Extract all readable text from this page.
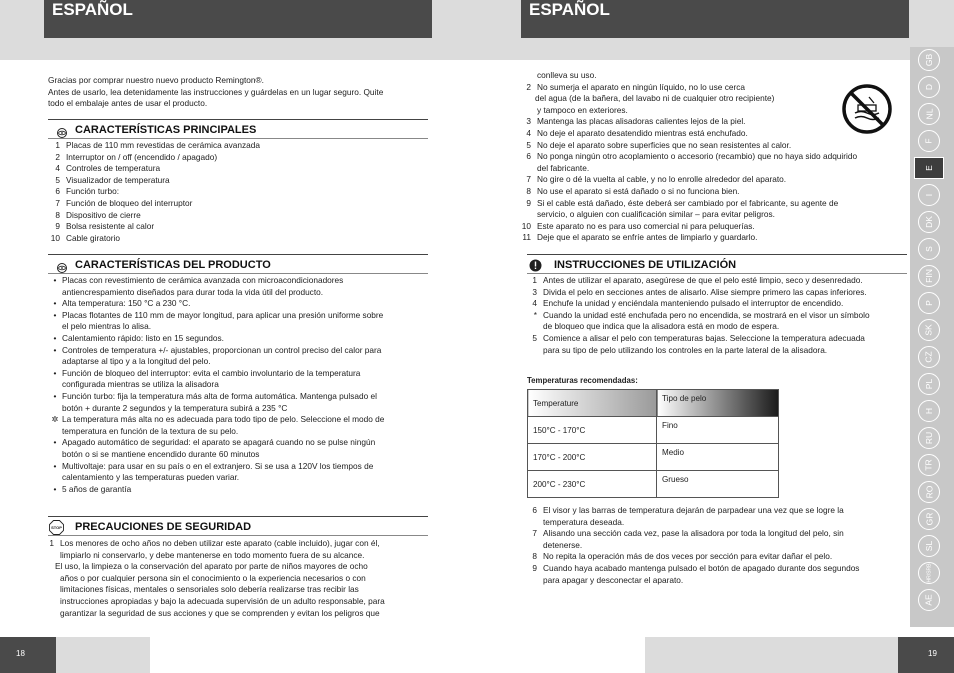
ESPAÑOL
Gracias por comprar nuestro nuevo producto Remington®.
Antes de usarlo, lea detenidamente las instrucciones y guárdelas en un lugar seguro. Quite
todo el embalaje antes de usar el producto.
CARACTERÍSTICAS PRINCIPALES
1 Placas de 110 mm revestidas de cerámica avanzada
2 Interruptor on / off (encendido / apagado)
4 Controles de temperatura
5 Visualizador de temperatura
6 Función turbo:
7 Función de bloqueo del interruptor
8 Dispositivo de cierre
9 Bolsa resistente al calor
10 Cable giratorio
CARACTERÍSTICAS DEL PRODUCTO
• Placas con revestimiento de cerámica avanzada con microacondicionadores
antiencrespamiento diseñados para durar toda la vida útil del producto.
• Alta temperatura: 150 °C a 230 °C.
• Placas flotantes de 110 mm de mayor longitud, para aplicar una presión uniforme sobre
el pelo mientras lo alisa.
• Calentamiento rápido: listo en 15 segundos.
• Controles de temperatura +/- ajustables, proporcionan un control preciso del calor para
adaptarse al tipo y a la longitud del pelo.
• Función de bloqueo del interruptor: evita el cambio involuntario de la temperatura
configurada mientras se utiliza la alisadora
• Función turbo: fija la temperatura más alta de forma automática. Mantenga pulsado el
botón + durante 2 segundos y la temperatura subirá a 235 °C
✲ La temperatura más alta no es adecuada para todo tipo de pelo. Seleccione el modo de
temperatura en función de la textura de su pelo.
• Apagado automático de seguridad: el aparato se apagará cuando no se pulse ningún
botón o si se mantiene encendido durante 60 minutos
• Multivoltaje: para usar en su país o en el extranjero. Si se usa a 120V los tiempos de
calentamiento y las temperaturas pueden variar.
• 5 años de garantía
STOP PRECAUCIONES DE SEGURIDAD
1 Los menores de ocho años no deben utilizar este aparato (cable incluido), jugar con él,
limpiarlo ni conservarlo, y debe mantenerse en todo momento fuera de su alcance.
El uso, la limpieza o la conservación del aparato por parte de niños mayores de ocho
años o por cualquier persona sin el conocimiento o la experiencia necesarios o con
limitaciones físicas, mentales o sensoriales solo debería realizarse tras recibir las
instrucciones apropiadas y bajo la adecuada supervisión de un adulto responsable, para
garantizar la seguridad de sus acciones y que se comprenden y evitan los peligros que
18
ESPAÑOL
conlleva su uso.
2 No sumerja el aparato en ningún líquido, no lo use cerca
del agua (de la bañera, del lavabo ni de cualquier otro recipiente)
y tampoco en exteriores.
3 Mantenga las placas alisadoras calientes lejos de la piel.
4 No deje el aparato desatendido mientras está enchufado.
5 No deje el aparato sobre superficies que no sean resistentes al calor.
6 No ponga ningún otro acoplamiento o accesorio (recambio) que no haya sido adquirido
del fabricante.
7 No gire o dé la vuelta al cable, y no lo enrolle alrededor del aparato.
8 No use el aparato si está dañado o si no funciona bien.
9 Si el cable está dañado, éste deberá ser cambiado por el fabricante, su agente de
servicio, o alguien con cualificación similar – para evitar peligros.
10 Este aparato no es para uso comercial ni para peluquerías.
11 Deje que el aparato se enfríe antes de limpiarlo y guardarlo.
INSTRUCCIONES DE UTILIZACIÓN
1 Antes de utilizar el aparato, asegúrese de que el pelo esté limpio, seco y desenredado.
3 Divida el pelo en secciones antes de alisarlo. Alise siempre primero las capas inferiores.
4 Enchufe la unidad y enciéndala manteniendo pulsado el interruptor de encendido.
* Cuando la unidad esté enchufada pero no encendida, se mostrará en el visor un símbolo
de bloqueo que indica que la alisadora está en modo de espera.
5 Comience a alisar el pelo con temperaturas bajas. Seleccione la temperatura adecuada
para su tipo de pelo utilizando los controles en la parte lateral de la alisadora.
Temperaturas recomendadas:
Temperature	Tipo de pelo
150°C - 170°C	Fino
170°C - 200°C	Medio
200°C - 230°C	Grueso
6 El visor y las barras de temperatura dejarán de parpadear una vez que se logre la
temperatura deseada.
7 Alisando una sección cada vez, pase la alisadora por toda la longitud del pelo, sin
detenerse.
8 No repita la operación más de dos veces por sección para evitar dañar el pelo.
9 Cuando haya acabado mantenga pulsado el botón de apagado durante dos segundos
para apagar y desconectar el aparato.
GB
D
NL
F
E
I
DK
S
FIN
P
SK
CZ
PL
H
RU
TR
RO
GR
SL
HR/SRB
AE
19
